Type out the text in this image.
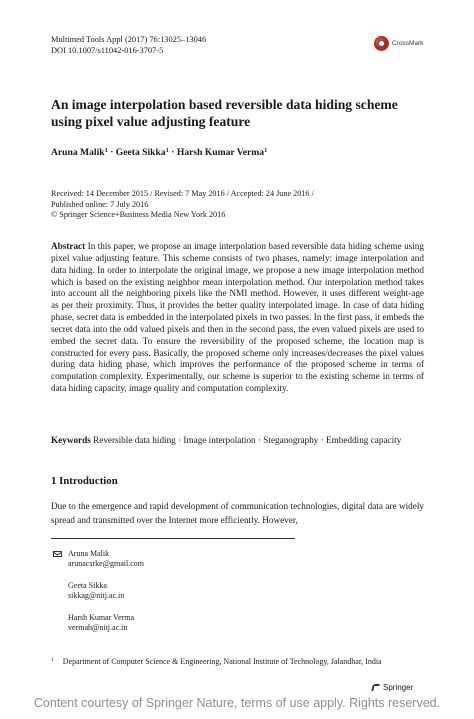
Multimed Tools Appl (2017) 76:13025–13046
DOI 10.1007/s11042-016-3707-5
CrossMark
An image interpolation based reversible data hiding scheme using pixel value adjusting feature
Aruna Malik$^1$ · Geeta Sikka$^1$ · Harsh Kumar Verma$^1$
Received: 14 December 2015 / Revised: 7 May 2016 / Accepted: 24 June 2016 /
Published online: 7 July 2016
© Springer Science+Business Media New York 2016
Abstract In this paper, we propose an image interpolation based reversible data hiding scheme using pixel value adjusting feature. This scheme consists of two phases, namely: image interpolation and data hiding. In order to interpolate the original image, we propose a new image interpolation method which is based on the existing neighbor mean interpolation method. Our interpolation method takes into account all the neighboring pixels like the NMI method. However, it uses different weight-age as per their proximity. Thus, it provides the better quality interpolated image. In case of data hiding phase, secret data is embedded in the interpolated pixels in two passes. In the first pass, it embeds the secret data into the odd valued pixels and then in the second pass, the even valued pixels are used to embed the secret data. To ensure the reversibility of the proposed scheme, the location map is constructed for every pass. Basically, the proposed scheme only increases/decreases the pixel values during data hiding phase, which improves the performance of the proposed scheme in terms of computation complexity. Experimentally, our scheme is superior to the existing scheme in terms of data hiding capacity, image quality and computation complexity.
Keywords Reversible data hiding · Image interpolation · Steganography · Embedding capacity
1 Introduction
Due to the emergence and rapid development of communication technologies, digital data are widely spread and transmitted over the Internet more efficiently. However,
Aruna Malik
arunacsrke@gmail.com
Geeta Sikka
sikkag@nitj.ac.in
Harsh Kumar Verma
vermah@nitj.ac.in
$^1$ Department of Computer Science & Engineering, National Institute of Technology, Jalandhar, India
Springer
Content courtesy of Springer Nature, terms of use apply. Rights reserved.
